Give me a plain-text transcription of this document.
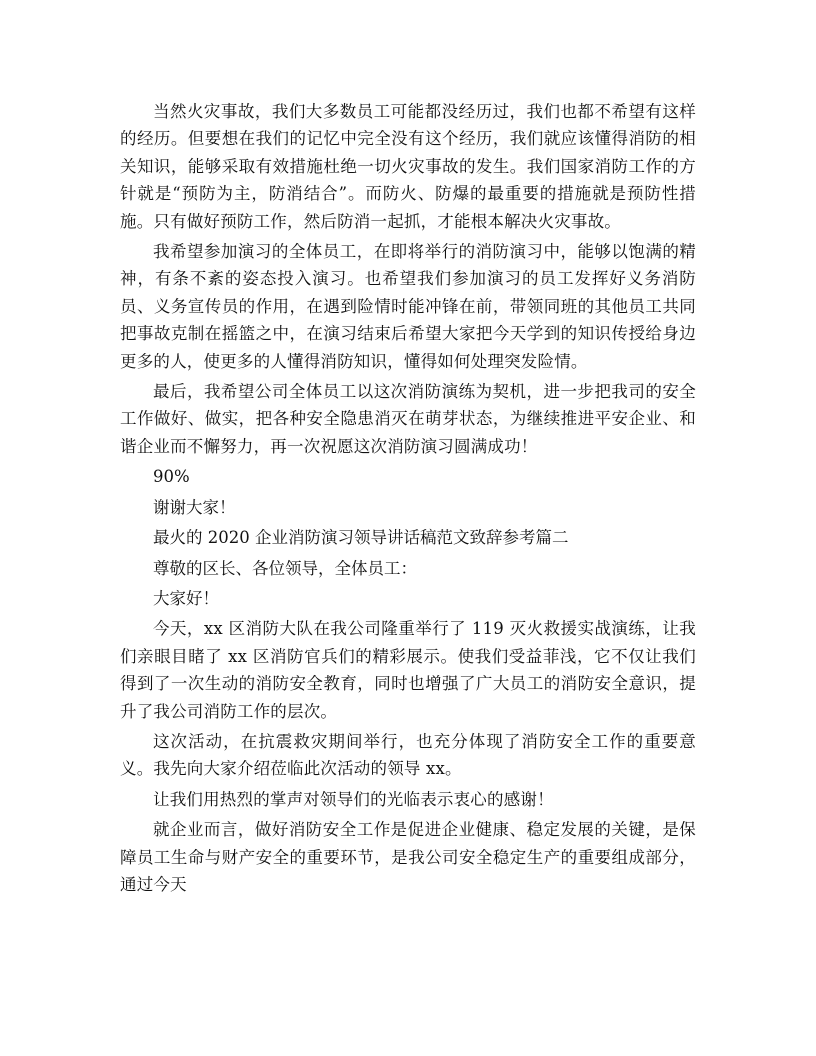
当然火灾事故，我们大多数员工可能都没经历过，我们也都不希望有这样的经历。但要想在我们的记忆中完全没有这个经历，我们就应该懂得消防的相关知识，能够采取有效措施杜绝一切火灾事故的发生。我们国家消防工作的方针就是“预防为主，防消结合”。而防火、防爆的最重要的措施就是预防性措施。只有做好预防工作，然后防消一起抓，才能根本解决火灾事故。

我希望参加演习的全体员工，在即将举行的消防演习中，能够以饱满的精神，有条不紊的姿态投入演习。也希望我们参加演习的员工发挥好义务消防员、义务宣传员的作用，在遇到险情时能冲锋在前，带领同班的其他员工共同把事故克制在摇篮之中，在演习结束后希望大家把今天学到的知识传授给身边更多的人，使更多的人懂得消防知识，懂得如何处理突发险情。

最后，我希望公司全体员工以这次消防演练为契机，进一步把我司的安全工作做好、做实，把各种安全隐患消灭在萌芽状态，为继续推进平安企业、和谐企业而不懈努力，再一次祝愿这次消防演习圆满成功！

90%

谢谢大家！

最火的 2020 企业消防演习领导讲话稿范文致辞参考篇二

尊敬的区长、各位领导，全体员工：

大家好！

今天，xx 区消防大队在我公司隆重举行了 119 灭火救援实战演练，让我们亲眼目睹了 xx 区消防官兵们的精彩展示。使我们受益菲浅，它不仅让我们得到了一次生动的消防安全教育，同时也增强了广大员工的消防安全意识，提升了我公司消防工作的层次。

这次活动，在抗震救灾期间举行，也充分体现了消防安全工作的重要意义。我先向大家介绍莅临此次活动的领导 xx。

让我们用热烈的掌声对领导们的光临表示衷心的感谢！

就企业而言，做好消防安全工作是促进企业健康、稳定发展的关键，是保障员工生命与财产安全的重要环节，是我公司安全稳定生产的重要组成部分，通过今天
